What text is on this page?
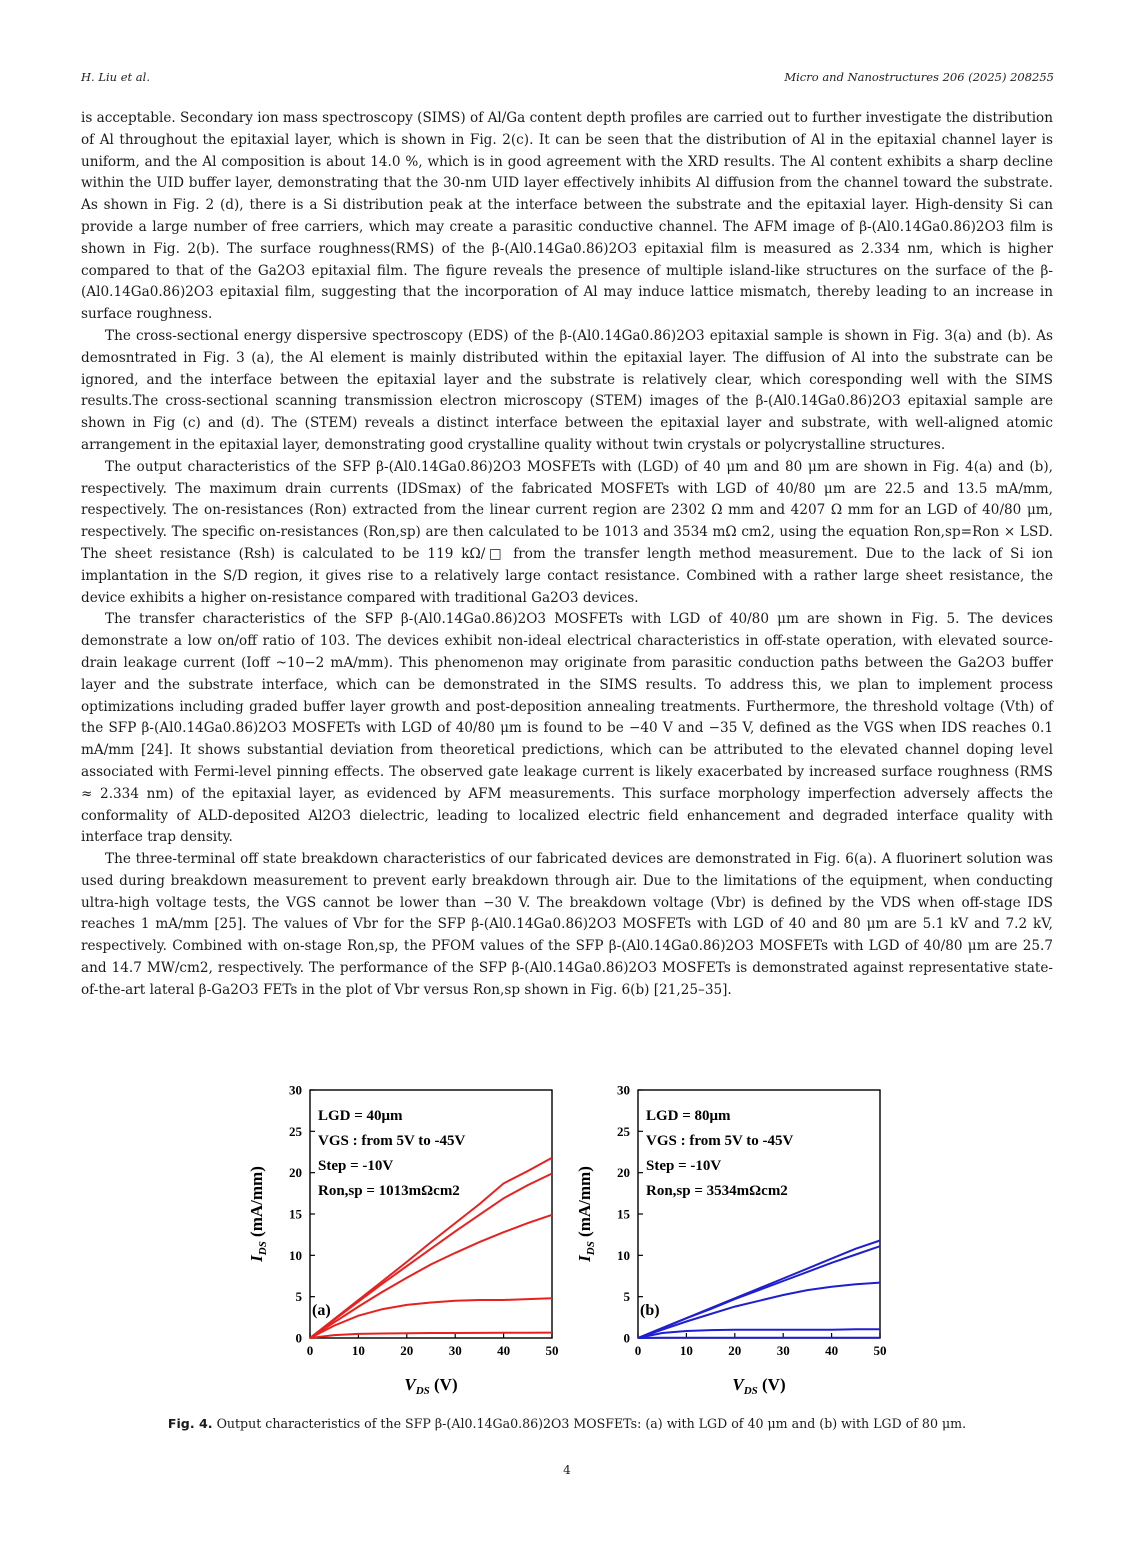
H. Liu et al.	Micro and Nanostructures 206 (2025) 208255

is acceptable. Secondary ion mass spectroscopy (SIMS) of Al/Ga content depth profiles are carried out to further investigate the distribution of Al throughout the epitaxial layer, which is shown in Fig. 2(c). It can be seen that the distribution of Al in the epitaxial channel layer is uniform, and the Al composition is about 14.0 %, which is in good agreement with the XRD results. The Al content exhibits a sharp decline within the UID buffer layer, demonstrating that the 30-nm UID layer effectively inhibits Al diffusion from the channel toward the substrate. As shown in Fig. 2 (d), there is a Si distribution peak at the interface between the substrate and the epitaxial layer. High-density Si can provide a large number of free carriers, which may create a parasitic conductive channel. The AFM image of β-(Al0.14Ga0.86)2O3 film is shown in Fig. 2(b). The surface roughness(RMS) of the β-(Al0.14Ga0.86)2O3 epitaxial film is measured as 2.334 nm, which is higher compared to that of the Ga2O3 epitaxial film. The figure reveals the presence of multiple island-like structures on the surface of the β-(Al0.14Ga0.86)2O3 epitaxial film, suggesting that the incorporation of Al may induce lattice mismatch, thereby leading to an increase in surface roughness.

The cross-sectional energy dispersive spectroscopy (EDS) of the β-(Al0.14Ga0.86)2O3 epitaxial sample is shown in Fig. 3(a) and (b). As demosntrated in Fig. 3 (a), the Al element is mainly distributed within the epitaxial layer. The diffusion of Al into the substrate can be ignored, and the interface between the epitaxial layer and the substrate is relatively clear, which coresponding well with the SIMS results.The cross-sectional scanning transmission electron microscopy (STEM) images of the β-(Al0.14Ga0.86)2O3 epitaxial sample are shown in Fig (c) and (d). The (STEM) reveals a distinct interface between the epitaxial layer and substrate, with well-aligned atomic arrangement in the epitaxial layer, demonstrating good crystalline quality without twin crystals or polycrystalline structures.

The output characteristics of the SFP β-(Al0.14Ga0.86)2O3 MOSFETs with (LGD) of 40 μm and 80 μm are shown in Fig. 4(a) and (b), respectively. The maximum drain currents (IDSmax) of the fabricated MOSFETs with LGD of 40/80 μm are 22.5 and 13.5 mA/mm, respectively. The on-resistances (Ron) extracted from the linear current region are 2302 Ω mm and 4207 Ω mm for an LGD of 40/80 μm, respectively. The specific on-resistances (Ron,sp) are then calculated to be 1013 and 3534 mΩ cm2, using the equation Ron,sp=Ron × LSD. The sheet resistance (Rsh) is calculated to be 119 kΩ/□ from the transfer length method measurement. Due to the lack of Si ion implantation in the S/D region, it gives rise to a relatively large contact resistance. Combined with a rather large sheet resistance, the device exhibits a higher on-resistance compared with traditional Ga2O3 devices.

The transfer characteristics of the SFP β-(Al0.14Ga0.86)2O3 MOSFETs with LGD of 40/80 μm are shown in Fig. 5. The devices demonstrate a low on/off ratio of 103. The devices exhibit non-ideal electrical characteristics in off-state operation, with elevated source-drain leakage current (Ioff ~10−2 mA/mm). This phenomenon may originate from parasitic conduction paths between the Ga2O3 buffer layer and the substrate interface, which can be demonstrated in the SIMS results. To address this, we plan to implement process optimizations including graded buffer layer growth and post-deposition annealing treatments. Furthermore, the threshold voltage (Vth) of the SFP β-(Al0.14Ga0.86)2O3 MOSFETs with LGD of 40/80 μm is found to be −40 V and −35 V, defined as the VGS when IDS reaches 0.1 mA/mm [24]. It shows substantial deviation from theoretical predictions, which can be attributed to the elevated channel doping level associated with Fermi-level pinning effects. The observed gate leakage current is likely exacerbated by increased surface roughness (RMS ≈ 2.334 nm) of the epitaxial layer, as evidenced by AFM measurements. This surface morphology imperfection adversely affects the conformality of ALD-deposited Al2O3 dielectric, leading to localized electric field enhancement and degraded interface quality with interface trap density.

The three-terminal off state breakdown characteristics of our fabricated devices are demonstrated in Fig. 6(a). A fluorinert solution was used during breakdown measurement to prevent early breakdown through air. Due to the limitations of the equipment, when conducting ultra-high voltage tests, the VGS cannot be lower than −30 V. The breakdown voltage (Vbr) is defined by the VDS when off-stage IDS reaches 1 mA/mm [25]. The values of Vbr for the SFP β-(Al0.14Ga0.86)2O3 MOSFETs with LGD of 40 and 80 μm are 5.1 kV and 7.2 kV, respectively. Combined with on-stage Ron,sp, the PFOM values of the SFP β-(Al0.14Ga0.86)2O3 MOSFETs with LGD of 40/80 μm are 25.7 and 14.7 MW/cm2, respectively. The performance of the SFP β-(Al0.14Ga0.86)2O3 MOSFETs is demonstrated against representative state-of-the-art lateral β-Ga2O3 FETs in the plot of Vbr versus Ron,sp shown in Fig. 6(b) [21,25–35].

0	10	20	30	40	50
0
5
10
15
20
25
30
$V_{DS}$ (V)
$I_{DS}$ (mA/mm)
LGD = 40μm
VGS : from 5V to -45V
Step = -10V
Ron,sp = 1013mΩcm2
(a)
0	10	20	30	40	50
0
5
10
15
20
25
30
$V_{DS}$ (V)
$I_{DS}$ (mA/mm)
LGD = 80μm
VGS : from 5V to -45V
Step = -10V
Ron,sp = 3534mΩcm2
(b)
Fig. 4. Output characteristics of the SFP β-(Al0.14Ga0.86)2O3 MOSFETs: (a) with LGD of 40 μm and (b) with LGD of 80 μm.
4
